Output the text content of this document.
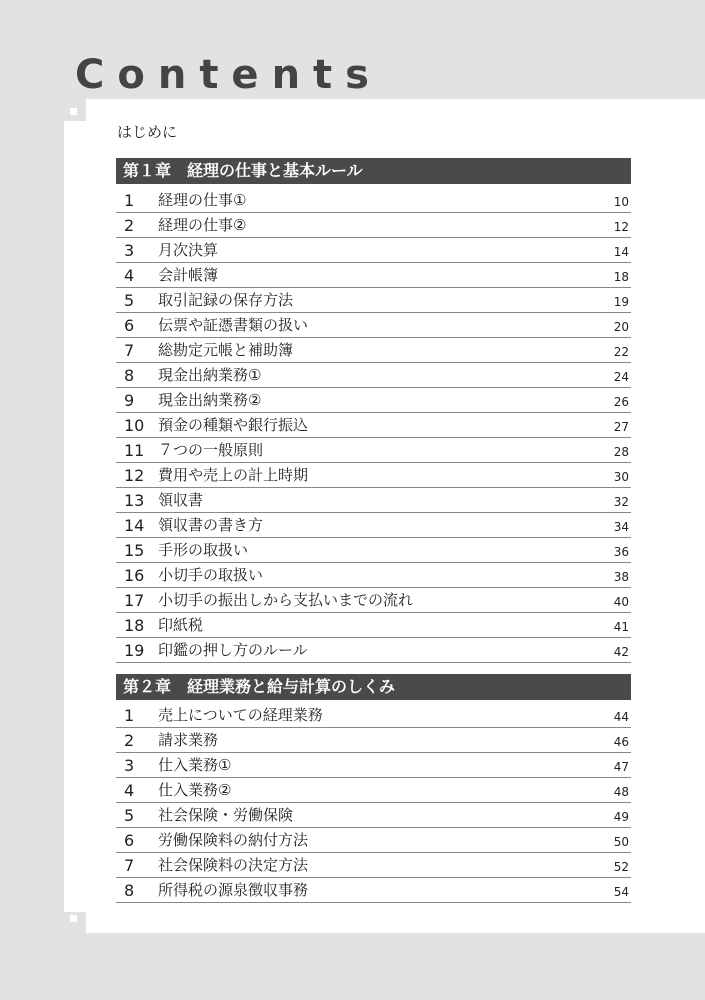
Contents
はじめに
第１章　経理の仕事と基本ルール
1	経理の仕事①	10
2	経理の仕事②	12
3	月次決算	14
4	会計帳簿	18
5	取引記録の保存方法	19
6	伝票や証憑書類の扱い	20
7	総勘定元帳と補助簿	22
8	現金出納業務①	24
9	現金出納業務②	26
10 預金の種類や銀行振込	27
11 ７つの一般原則	28
12 費用や売上の計上時期	30
13 領収書	32
14 領収書の書き方	34
15 手形の取扱い	36
16 小切手の取扱い	38
17 小切手の振出しから支払いまでの流れ	40
18 印紙税	41
19 印鑑の押し方のルール	42
第２章　経理業務と給与計算のしくみ
1	売上についての経理業務	44
2	請求業務	46
3	仕入業務①	47
4	仕入業務②	48
5	社会保険・労働保険	49
6	労働保険料の納付方法	50
7	社会保険料の決定方法	52
8	所得税の源泉徴収事務	54
